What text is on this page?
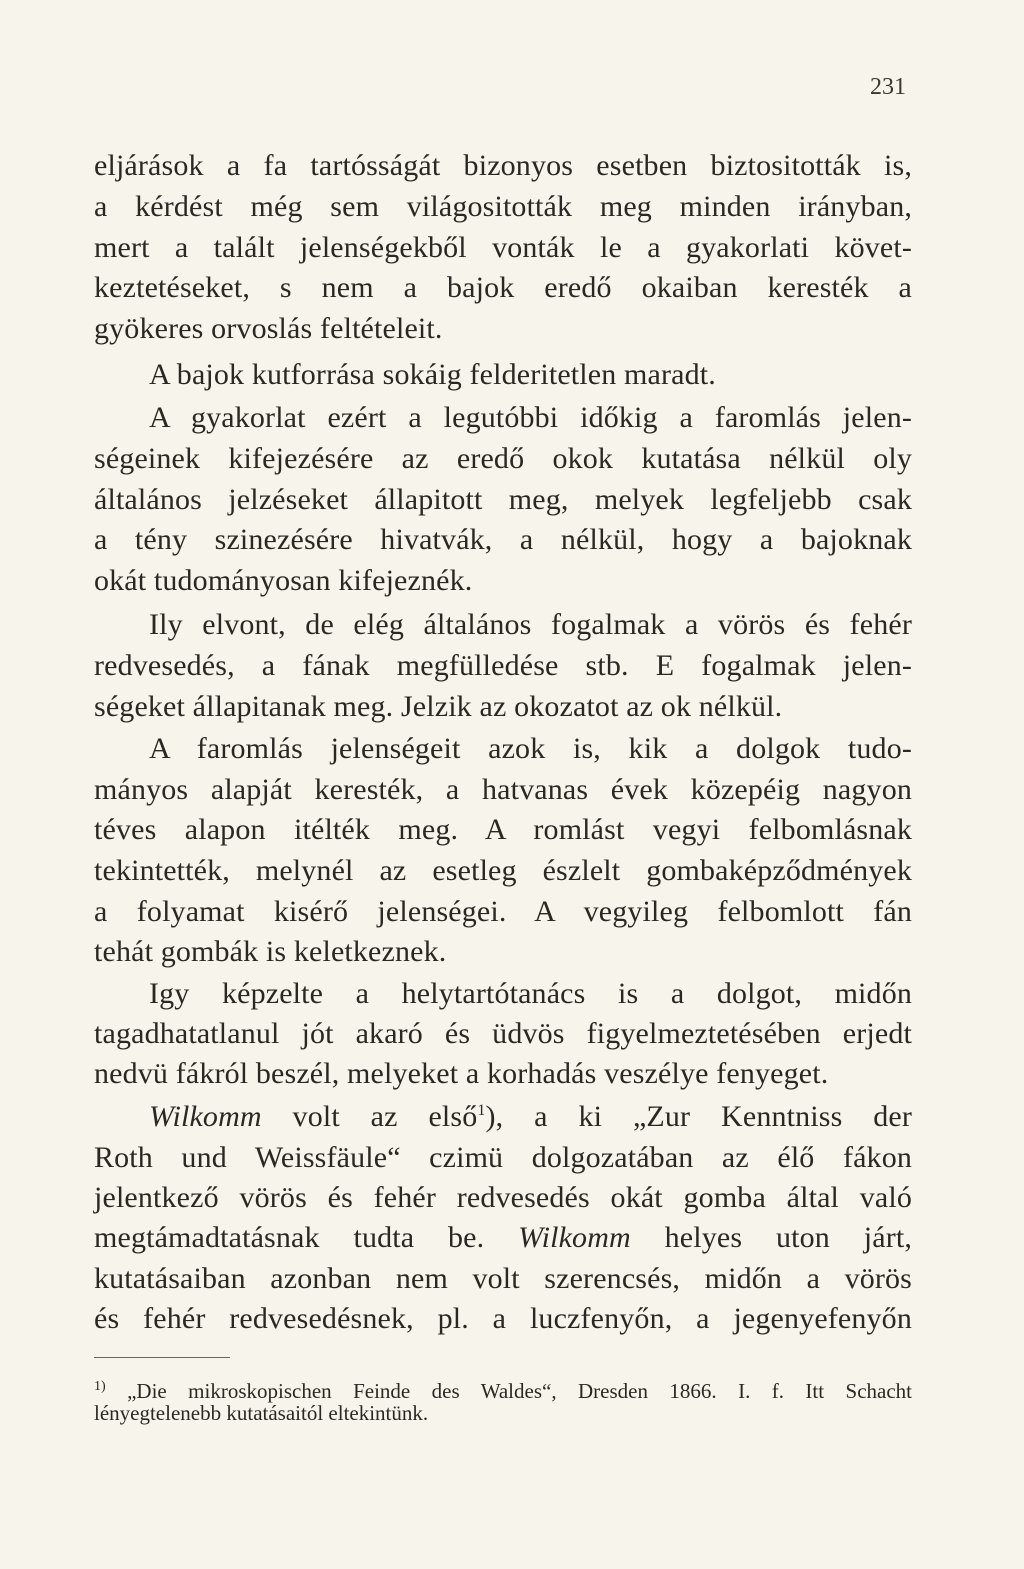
231
eljárások a fa tartósságát bizonyos esetben biztositották is,
a kérdést még sem világositották meg minden irányban,
mert a talált jelenségekből vonták le a gyakorlati követ-
keztetéseket, s nem a bajok eredő okaiban keresték a
gyökeres orvoslás feltételeit.
A bajok kutforrása sokáig felderitetlen maradt.
A gyakorlat ezért a legutóbbi időkig a faromlás jelen-
ségeinek kifejezésére az eredő okok kutatása nélkül oly
általános jelzéseket állapitott meg, melyek legfeljebb csak
a tény szinezésére hivatvák, a nélkül, hogy a bajoknak
okát tudományosan kifejeznék.
Ily elvont, de elég általános fogalmak a vörös és fehér
redvesedés, a fának megfülledése stb. E fogalmak jelen-
ségeket állapitanak meg. Jelzik az okozatot az ok nélkül.
A faromlás jelenségeit azok is, kik a dolgok tudo-
mányos alapját keresték, a hatvanas évek közepéig nagyon
téves alapon itélték meg. A romlást vegyi felbomlásnak
tekintették, melynél az esetleg észlelt gombaképződmények
a folyamat kisérő jelenségei. A vegyileg felbomlott fán
tehát gombák is keletkeznek.
Igy képzelte a helytartótanács is a dolgot, midőn
tagadhatatlanul jót akaró és üdvös figyelmeztetésében erjedt
nedvü fákról beszél, melyeket a korhadás veszélye fenyeget.
Wilkomm volt az első$^1$), a ki „Zur Kenntniss der
Roth und Weissfäule“ czimü dolgozatában az élő fákon
jelentkező vörös és fehér redvesedés okát gomba által való
megtámadtatásnak tudta be. Wilkomm helyes uton járt,
kutatásaiban azonban nem volt szerencsés, midőn a vörös
és fehér redvesedésnek, pl. a luczfenyőn, a jegenyefenyőn
$^{1)}$ „Die mikroskopischen Feinde des Waldes“, Dresden 1866. I. f. Itt Schacht
lényegtelenebb kutatásaitól eltekintünk.
